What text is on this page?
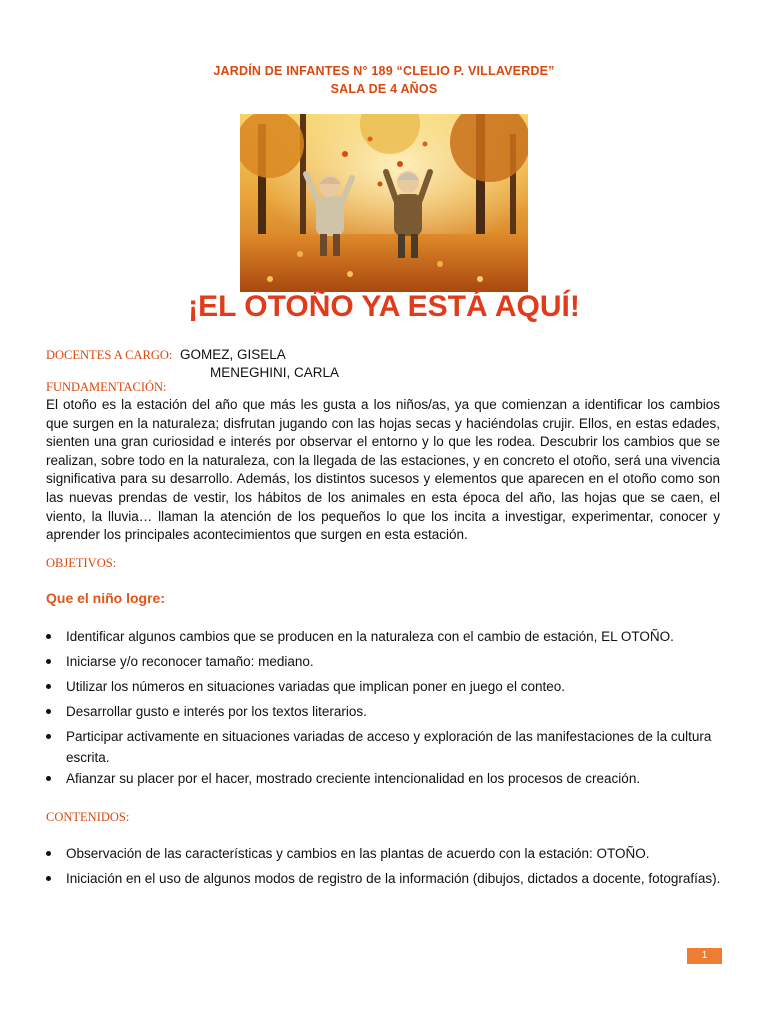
JARDÍN DE INFANTES N° 189 “CLELIO P. VILLAVERDE”
SALA DE 4 AÑOS
¡EL OTOÑO YA ESTÁ AQUÍ!
DOCENTES A CARGO: GOMEZ, GISELA
MENEGHINI, CARLA
FUNDAMENTACIÓN:
El otoño es la estación del año que más les gusta a los niños/as, ya que comienzan a identificar los cambios que surgen en la naturaleza; disfrutan jugando con las hojas secas y haciéndolas crujir. Ellos, en estas edades, sienten una gran curiosidad e interés por observar el entorno y lo que les rodea. Descubrir los cambios que se realizan, sobre todo en la naturaleza, con la llegada de las estaciones, y en concreto el otoño, será una vivencia significativa para su desarrollo. Además, los distintos sucesos y elementos que aparecen en el otoño como son las nuevas prendas de vestir, los hábitos de los animales en esta época del año, las hojas que se caen, el viento, la lluvia… llaman la atención de los pequeños lo que los incita a investigar, experimentar, conocer y aprender los principales acontecimientos que surgen en esta estación.
OBJETIVOS:
Que el niño logre:
Identificar algunos cambios que se producen en la naturaleza con el cambio de estación, EL OTOÑO.
Iniciarse y/o reconocer tamaño: mediano.
Utilizar los números en situaciones variadas que implican poner en juego el conteo.
Desarrollar gusto e interés por los textos literarios.
Participar activamente en situaciones variadas de acceso y exploración de las manifestaciones de la cultura escrita.
Afianzar su placer por el hacer, mostrado creciente intencionalidad en los procesos de creación.
CONTENIDOS:
Observación de las características y cambios en las plantas de acuerdo con la estación: OTOÑO.
Iniciación en el uso de algunos modos de registro de la información (dibujos, dictados a docente, fotografías).
1
